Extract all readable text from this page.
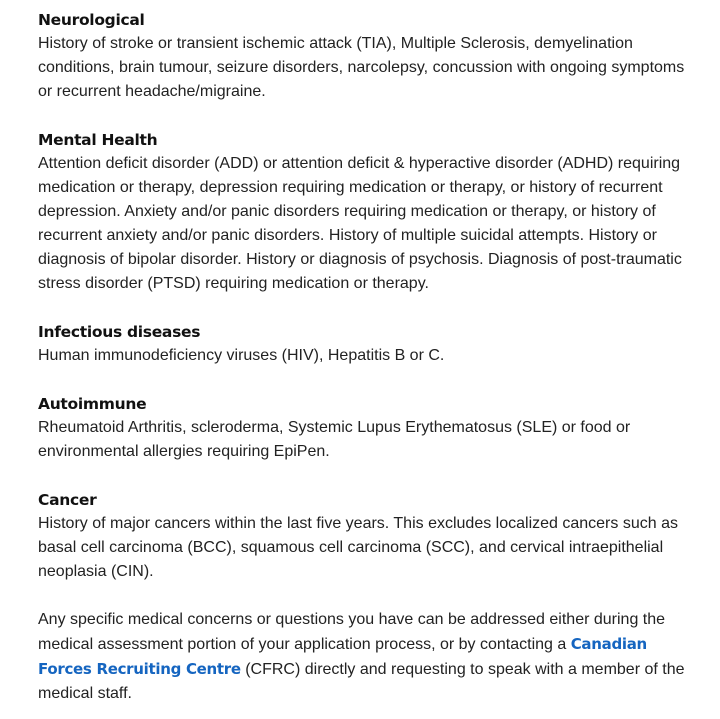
Neurological

History of stroke or transient ischemic attack (TIA), Multiple Sclerosis, demyelination conditions, brain tumour, seizure disorders, narcolepsy, concussion with ongoing symptoms or recurrent headache/migraine.

Mental Health

Attention deficit disorder (ADD) or attention deficit & hyperactive disorder (ADHD) requiring medication or therapy, depression requiring medication or therapy, or history of recurrent depression. Anxiety and/or panic disorders requiring medication or therapy, or history of recurrent anxiety and/or panic disorders. History of multiple suicidal attempts. History or diagnosis of bipolar disorder. History or diagnosis of psychosis. Diagnosis of post-traumatic stress disorder (PTSD) requiring medication or therapy.

Infectious diseases

Human immunodeficiency viruses (HIV), Hepatitis B or C.

Autoimmune

Rheumatoid Arthritis, scleroderma, Systemic Lupus Erythematosus (SLE) or food or environmental allergies requiring EpiPen.

Cancer

History of major cancers within the last five years. This excludes localized cancers such as basal cell carcinoma (BCC), squamous cell carcinoma (SCC), and cervical intraepithelial neoplasia (CIN).

Any specific medical concerns or questions you have can be addressed either during the medical assessment portion of your application process, or by contacting a Canadian Forces Recruiting Centre (CFRC) directly and requesting to speak with a member of the medical staff.
